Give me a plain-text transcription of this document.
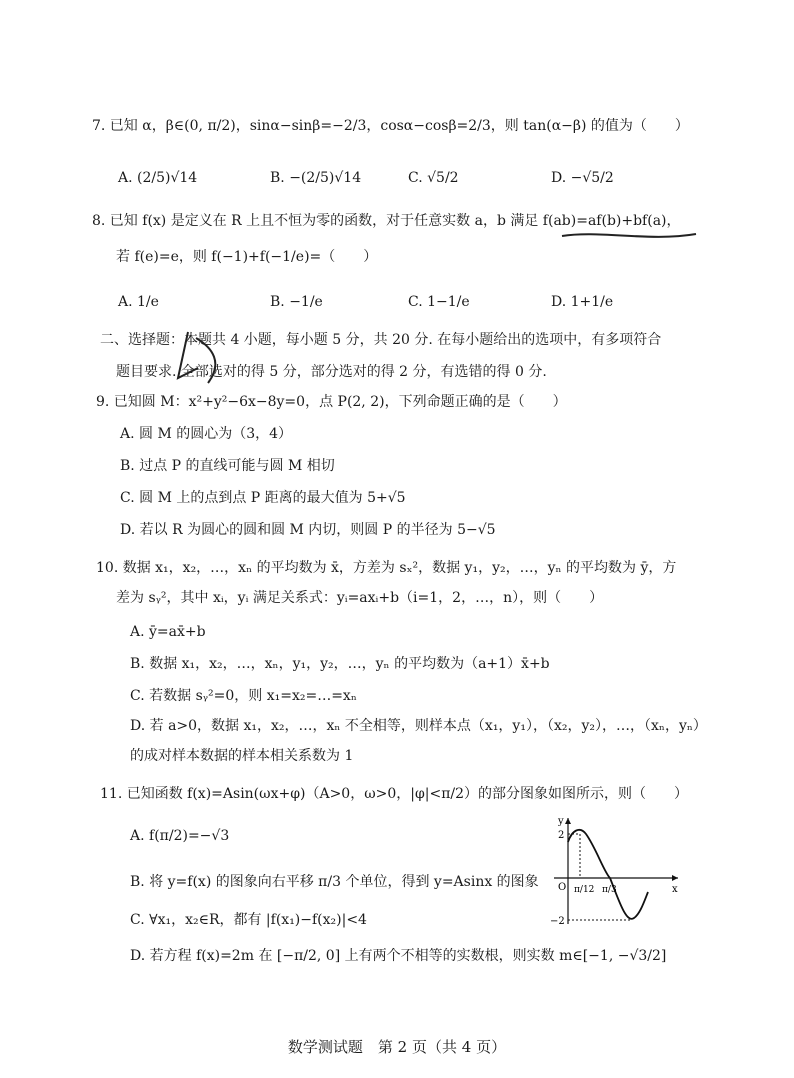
7. 已知 α，β∈(0, π/2)，sinα−sinβ=−2/3，cosα−cosβ=2/3，则 tan(α−β) 的值为（　　）
A. (2/5)√14	B. −(2/5)√14	C. √5/2	D. −√5/2
8. 已知 f(x) 是定义在 R 上且不恒为零的函数，对于任意实数 a，b 满足 f(ab)=af(b)+bf(a)，
若 f(e)=e，则 f(−1)+f(−1/e)=（　　）
A. 1/e	B. −1/e	C. 1−1/e	D. 1+1/e
二、选择题：本题共 4 小题，每小题 5 分，共 20 分. 在每小题给出的选项中，有多项符合
题目要求. 全部选对的得 5 分，部分选对的得 2 分，有选错的得 0 分.
9. 已知圆 M：x²+y²−6x−8y=0，点 P(2, 2)，下列命题正确的是（　　）
A. 圆 M 的圆心为（3，4）
B. 过点 P 的直线可能与圆 M 相切
C. 圆 M 上的点到点 P 距离的最大值为 5+√5
D. 若以 R 为圆心的圆和圆 M 内切，则圆 P 的半径为 5−√5
10. 数据 x₁，x₂，…，xₙ 的平均数为 x̄，方差为 sₓ²，数据 y₁，y₂，…，yₙ 的平均数为 ȳ，方
差为 sᵧ²，其中 xᵢ，yᵢ 满足关系式：yᵢ=axᵢ+b（i=1，2，…，n），则（　　）
A. ȳ=ax̄+b
B. 数据 x₁，x₂，…，xₙ，y₁，y₂，…，yₙ 的平均数为（a+1）x̄+b
C. 若数据 sᵧ²=0，则 x₁=x₂=…=xₙ
D. 若 a>0，数据 x₁，x₂，…，xₙ 不全相等，则样本点（x₁，y₁），（x₂，y₂），…，（xₙ，yₙ）
的成对样本数据的样本相关系数为 1
11. 已知函数 f(x)=Asin(ωx+φ)（A>0，ω>0，|φ|<π/2）的部分图象如图所示，则（　　）
A. f(π/2)=−√3
B. 将 y=f(x) 的图象向右平移 π/3 个单位，得到 y=Asinx 的图象
C. ∀x₁，x₂∈R，都有 |f(x₁)−f(x₂)|<4
D. 若方程 f(x)=2m 在 [−π/2, 0] 上有两个不相等的实数根，则实数 m∈[−1, −√3/2]
y
x
O
2
−2
π/12 π/3
数学测试题　第 2 页（共 4 页）
